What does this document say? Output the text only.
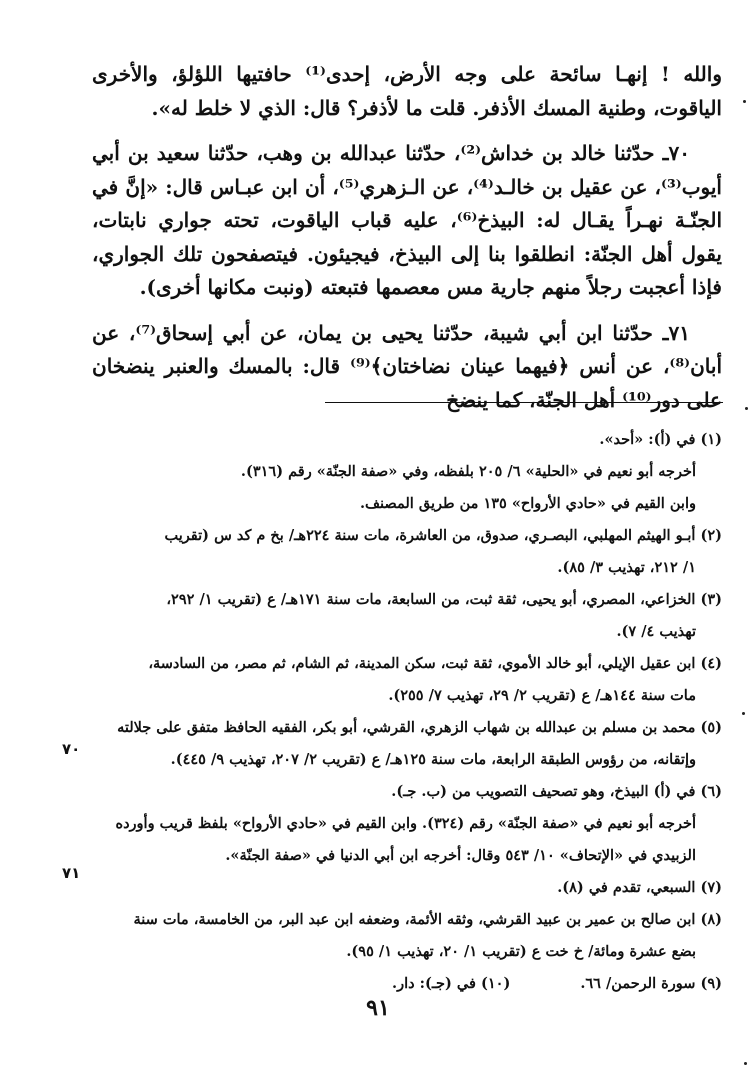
والله ! إنهـا سائحة على وجه الأرض، إحدى⁽¹⁾ حافتيها اللؤلؤ، والأخرى الياقوت، وطنية المسك الأذفر. قلت ما لأذفر؟ قال: الذي لا خلط له».

٧٠ـ حدّثنا خالد بن خداش⁽²⁾، حدّثنا عبدالله بن وهب، حدّثنا سعيد بن أبي أيوب⁽³⁾، عن عقيل بن خالـد⁽⁴⁾، عن الـزهري⁽⁵⁾، أن ابن عبـاس قال: «إنَّ في الجنّـة نهـراً يقـال له: البيذخ⁽⁶⁾، عليه قباب الياقوت، تحته جواري نابتات، يقول أهل الجنّة: انطلقوا بنا إلى البيذخ، فيجيئون. فيتصفحون تلك الجواري، فإذا أعجبت رجلاً منهم جارية مس معصمها فتبعته (ونبت مكانها أخرى).

٧١ـ حدّثنا ابن أبي شيبة، حدّثنا يحيى بن يمان، عن أبي إسحاق⁽⁷⁾، عن أبان⁽⁸⁾، عن أنس ﴿فيهما عينان نضاختان﴾⁽⁹⁾ قال: بالمسك والعنبر ينضخان على دور⁽¹⁰⁾ أهل الجنّة، كما ينضخ

(١) في (أ): «أحد».
أخرجه أبو نعيم في «الحلية» ٦/ ٢٠٥ بلفظه، وفي «صفة الجنّة» رقم (٣١٦).
وابن القيم في «حادي الأرواح» ١٣٥ من طريق المصنف.
(٢) أبـو الهيثم المهلبي، البصـري، صدوق، من العاشرة، مات سنة ٢٢٤هـ/ بخ م كد س (تقريب
١/ ٢١٢، تهذيب ٣/ ٨٥).
(٣) الخزاعي، المصري، أبو يحيى، ثقة ثبت، من السابعة، مات سنة ١٧١هـ/ ع (تقريب ١/ ٢٩٢،
تهذيب ٤/ ٧).
(٤) ابن عقيل الإيلي، أبو خالد الأموي، ثقة ثبت، سكن المدينة، ثم الشام، ثم مصر، من السادسة،
مات سنة ١٤٤هـ/ ع (تقريب ٢/ ٢٩، تهذيب ٧/ ٢٥٥).
(٥) محمد بن مسلم بن عبدالله بن شهاب الزهري، القرشي، أبو بكر، الفقيه الحافظ متفق على جلالته
وإتقانه، من رؤوس الطبقة الرابعة، مات سنة ١٢٥هـ/ ع (تقريب ٢/ ٢٠٧، تهذيب ٩/ ٤٤٥).
(٦) في (أ) البيذخ، وهو تصحيف التصويب من (ب. جـ).
أخرجه أبو نعيم في «صفة الجنّة» رقم (٣٢٤). وابن القيم في «حادي الأرواح» بلفظ قريب وأورده
الزبيدي في «الإتحاف» ١٠/ ٥٤٣ وقال: أخرجه ابن أبي الدنيا في «صفة الجنّة».
(٧) السبعي، تقدم في (٨).
(٨) ابن صالح بن عمير بن عبيد القرشي، وثقه الأئمة، وضعفه ابن عبد البر، من الخامسة، مات سنة
بضع عشرة ومائة/ خ خت ع (تقريب ١/ ٢٠، تهذيب ١/ ٩٥).
(٩) سورة الرحمن/ ٦٦.
(١٠) في (جـ): دار.
٧٠
٧١
٩١
